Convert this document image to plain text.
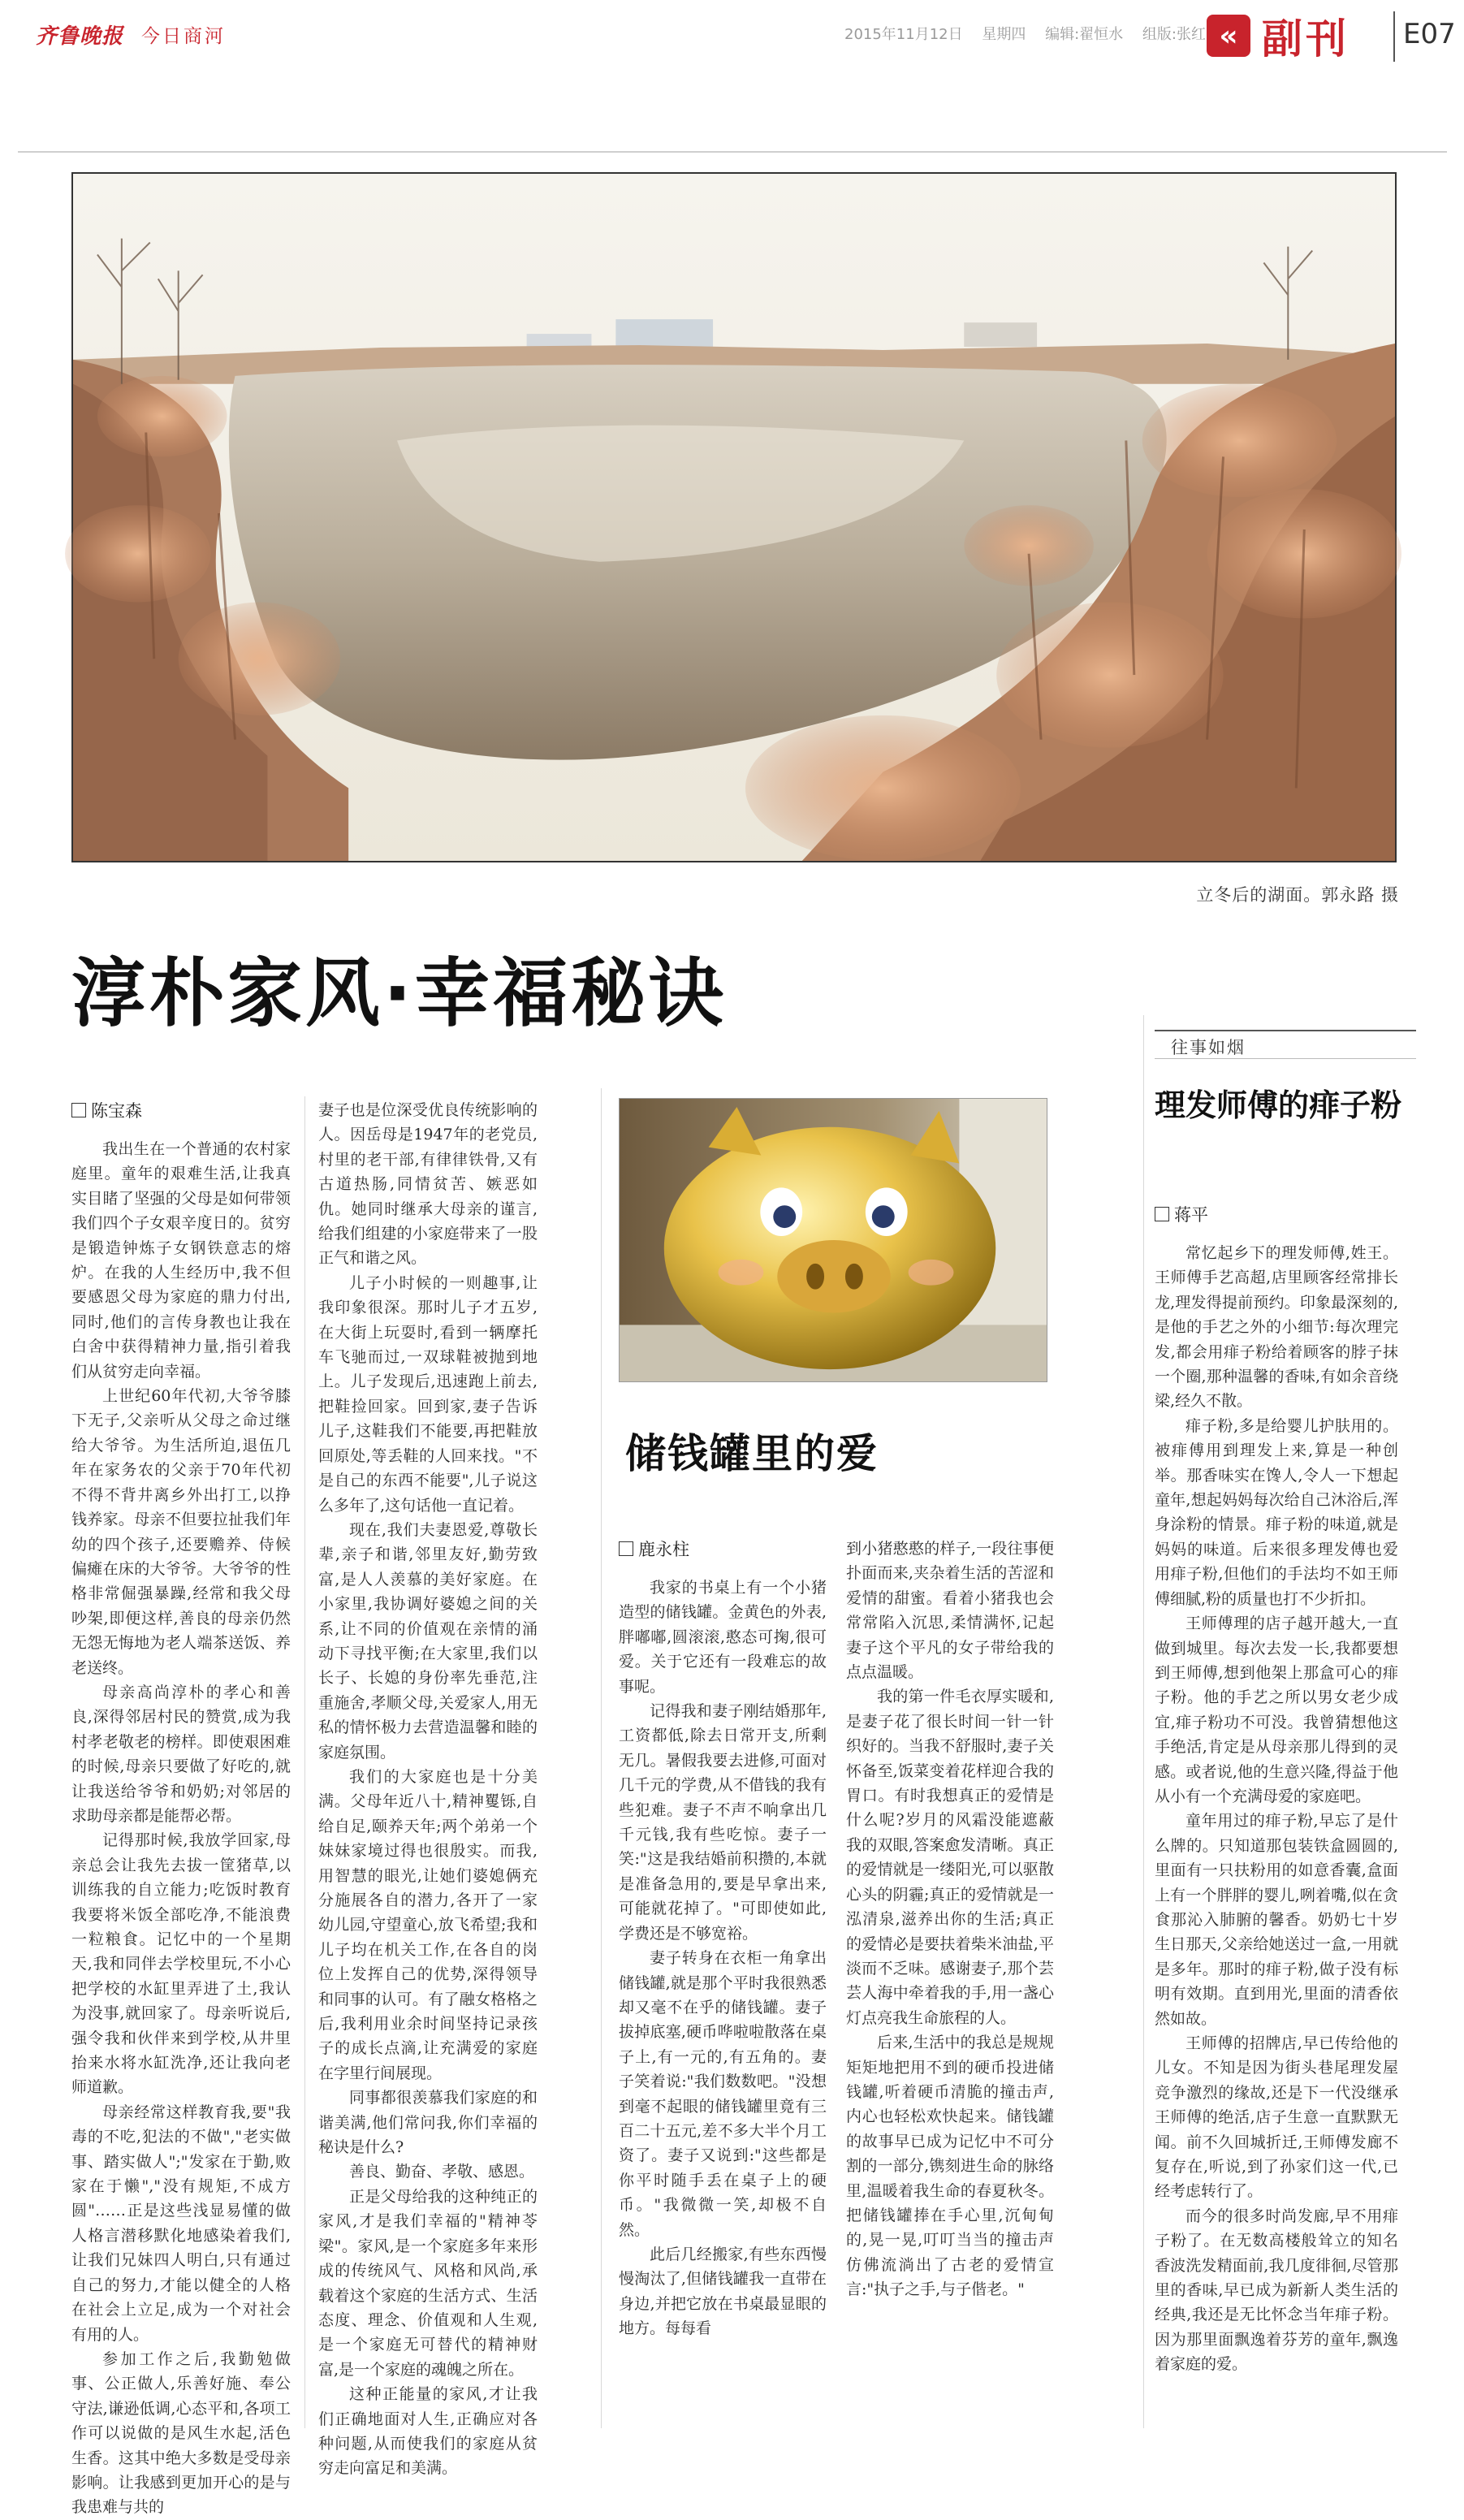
齐鲁晚报 今日商河	2015年11月12日 星期四 编辑:翟恒水 组版:张红 « 副刊 E07
立冬后的湖面。郭永路 摄
淳朴家风·幸福秘诀
陈宝森

我出生在一个普通的农村家庭里。童年的艰难生活,让我真实目睹了坚强的父母是如何带领我们四个子女艰辛度日的。贫穷是锻造钟炼子女钢铁意志的熔炉。在我的人生经历中,我不但要感恩父母为家庭的鼎力付出,同时,他们的言传身教也让我在白舍中获得精神力量,指引着我们从贫穷走向幸福。

上世纪60年代初,大爷爷膝下无子,父亲听从父母之命过继给大爷爷。为生活所迫,退伍几年在家务农的父亲于70年代初不得不背井离乡外出打工,以挣钱养家。母亲不但要拉扯我们年幼的四个孩子,还要赡养、侍候偏瘫在床的大爷爷。大爷爷的性格非常倔强暴躁,经常和我父母吵架,即便这样,善良的母亲仍然无怨无悔地为老人端茶送饭、养老送终。

母亲高尚淳朴的孝心和善良,深得邻居村民的赞赏,成为我村孝老敬老的榜样。即使艰困难的时候,母亲只要做了好吃的,就让我送给爷爷和奶奶;对邻居的求助母亲都是能帮必帮。

记得那时候,我放学回家,母亲总会让我先去拔一筐猪草,以训练我的自立能力;吃饭时教育我要将米饭全部吃净,不能浪费一粒粮食。记忆中的一个星期天,我和同伴去学校里玩,不小心把学校的水缸里弄进了土,我认为没事,就回家了。母亲听说后,强令我和伙伴来到学校,从井里抬来水将水缸洗净,还让我向老师道歉。

母亲经常这样教育我,要"我毒的不吃,犯法的不做","老实做事、踏实做人";"发家在于勤,败家在于懒","没有规矩,不成方圆"……正是这些浅显易懂的做人格言潜移默化地感染着我们,让我们兄妹四人明白,只有通过自己的努力,才能以健全的人格在社会上立足,成为一个对社会有用的人。

参加工作之后,我勤勉做事、公正做人,乐善好施、奉公守法,谦逊低调,心态平和,各项工作可以说做的是风生水起,活色生香。这其中绝大多数是受母亲影响。让我感到更加开心的是与我患难与共的

妻子也是位深受优良传统影响的人。因岳母是1947年的老党员,村里的老干部,有律律铁骨,又有古道热肠,同情贫苦、嫉恶如仇。她同时继承大母亲的谨言,给我们组建的小家庭带来了一股正气和谐之风。

儿子小时候的一则趣事,让我印象很深。那时儿子才五岁,在大街上玩耍时,看到一辆摩托车飞驰而过,一双球鞋被抛到地上。儿子发现后,迅速跑上前去,把鞋捡回家。回到家,妻子告诉儿子,这鞋我们不能要,再把鞋放回原处,等丢鞋的人回来找。"不是自己的东西不能要",儿子说这么多年了,这句话他一直记着。

现在,我们夫妻恩爱,尊敬长辈,亲子和谐,邻里友好,勤劳致富,是人人羡慕的美好家庭。在小家里,我协调好婆媳之间的关系,让不同的价值观在亲情的涌动下寻找平衡;在大家里,我们以长子、长媳的身份率先垂范,注重施舍,孝顺父母,关爱家人,用无私的情怀极力去营造温馨和睦的家庭氛围。

我们的大家庭也是十分美满。父母年近八十,精神矍铄,自给自足,颐养天年;两个弟弟一个妹妹家境过得也很殷实。而我,用智慧的眼光,让她们婆媳俩充分施展各自的潜力,各开了一家幼儿园,守望童心,放飞希望;我和儿子均在机关工作,在各自的岗位上发挥自己的优势,深得领导和同事的认可。有了融女格格之后,我利用业余时间坚持记录孩子的成长点滴,让充满爱的家庭在字里行间展现。

同事都很羡慕我们家庭的和谐美满,他们常问我,你们幸福的秘诀是什么?

善良、勤奋、孝敬、感恩。

正是父母给我的这种纯正的家风,才是我们幸福的"精神苓梁"。家风,是一个家庭多年来形成的传统风气、风格和风尚,承载着这个家庭的生活方式、生活态度、理念、价值观和人生观,是一个家庭无可替代的精神财富,是一个家庭的魂魄之所在。

这种正能量的家风,才让我们正确地面对人生,正确应对各种问题,从而使我们的家庭从贫穷走向富足和美满。

储钱罐里的爱
鹿永柱

我家的书桌上有一个小猪造型的储钱罐。金黄色的外表,胖嘟嘟,圆滚滚,憨态可掬,很可爱。关于它还有一段难忘的故事呢。

记得我和妻子刚结婚那年,工资都低,除去日常开支,所剩无几。暑假我要去进修,可面对几千元的学费,从不借钱的我有些犯难。妻子不声不响拿出几千元钱,我有些吃惊。妻子一笑:"这是我结婚前积攒的,本就是准备急用的,要是早拿出来,可能就花掉了。"可即使如此,学费还是不够宽裕。

妻子转身在衣柜一角拿出储钱罐,就是那个平时我很熟悉却又毫不在乎的储钱罐。妻子拔掉底塞,硬币哗啦啦散落在桌子上,有一元的,有五角的。妻子笑着说:"我们数数吧。"没想到毫不起眼的储钱罐里竟有三百二十五元,差不多大半个月工资了。妻子又说到:"这些都是你平时随手丢在桌子上的硬币。"我微微一笑,却极不自然。

此后几经搬家,有些东西慢慢淘汰了,但储钱罐我一直带在身边,并把它放在书桌最显眼的地方。每每看

到小猪憨憨的样子,一段往事便扑面而来,夹杂着生活的苦涩和爱情的甜蜜。看着小猪我也会常常陷入沉思,柔情满怀,记起妻子这个平凡的女子带给我的点点温暖。

我的第一件毛衣厚实暖和,是妻子花了很长时间一针一针织好的。当我不舒服时,妻子关怀备至,饭菜变着花样迎合我的胃口。有时我想真正的爱情是什么呢?岁月的风霜没能遮蔽我的双眼,答案愈发清晰。真正的爱情就是一缕阳光,可以驱散心头的阴霾;真正的爱情就是一泓清泉,滋养出你的生活;真正的爱情必是要扶着柴米油盐,平淡而不乏味。感谢妻子,那个芸芸人海中牵着我的手,用一盏心灯点亮我生命旅程的人。

后来,生活中的我总是规规矩矩地把用不到的硬币投进储钱罐,听着硬币清脆的撞击声,内心也轻松欢快起来。储钱罐的故事早已成为记忆中不可分割的一部分,镌刻进生命的脉络里,温暖着我生命的春夏秋冬。把储钱罐捧在手心里,沉甸甸的,晃一晃,叮叮当当的撞击声仿佛流淌出了古老的爱情宣言:"执子之手,与子偕老。"

往事如烟
理发师傅的痱子粉
蒋平

常忆起乡下的理发师傅,姓王。王师傅手艺高超,店里顾客经常排长龙,理发得提前预约。印象最深刻的,是他的手艺之外的小细节:每次理完发,都会用痱子粉给着顾客的脖子抹一个圈,那种温馨的香味,有如余音绕梁,经久不散。

痱子粉,多是给婴儿护肤用的。被痱傅用到理发上来,算是一种创举。那香味实在馋人,令人一下想起童年,想起妈妈每次给自己沐浴后,浑身涂粉的情景。痱子粉的味道,就是妈妈的味道。后来很多理发傅也爱用痱子粉,但他们的手法均不如王师傅细腻,粉的质量也打不少折扣。

王师傅理的店子越开越大,一直做到城里。每次去发一长,我都要想到王师傅,想到他架上那盒可心的痱子粉。他的手艺之所以男女老少成宜,痱子粉功不可没。我曾猜想他这手绝活,肯定是从母亲那儿得到的灵感。或者说,他的生意兴隆,得益于他从小有一个充满母爱的家庭吧。

童年用过的痱子粉,早忘了是什么牌的。只知道那包装铁盒圆圆的,里面有一只扶粉用的如意香囊,盒面上有一个胖胖的婴儿,咧着嘴,似在贪食那沁入肺腑的馨香。奶奶七十岁生日那天,父亲给她送过一盒,一用就是多年。那时的痱子粉,做子没有标明有效期。直到用光,里面的清香依然如故。

王师傅的招牌店,早已传给他的儿女。不知是因为街头巷尾理发屋竞争激烈的缘故,还是下一代没继承王师傅的绝活,店子生意一直默默无闻。前不久回城折迁,王师傅发廊不复存在,听说,到了孙家们这一代,已经考虑转行了。

而今的很多时尚发廊,早不用痱子粉了。在无数高楼般耸立的知名香波洗发精面前,我几度徘徊,尽管那里的香味,早已成为新新人类生活的经典,我还是无比怀念当年痱子粉。因为那里面飘逸着芬芳的童年,飘逸着家庭的爱。
